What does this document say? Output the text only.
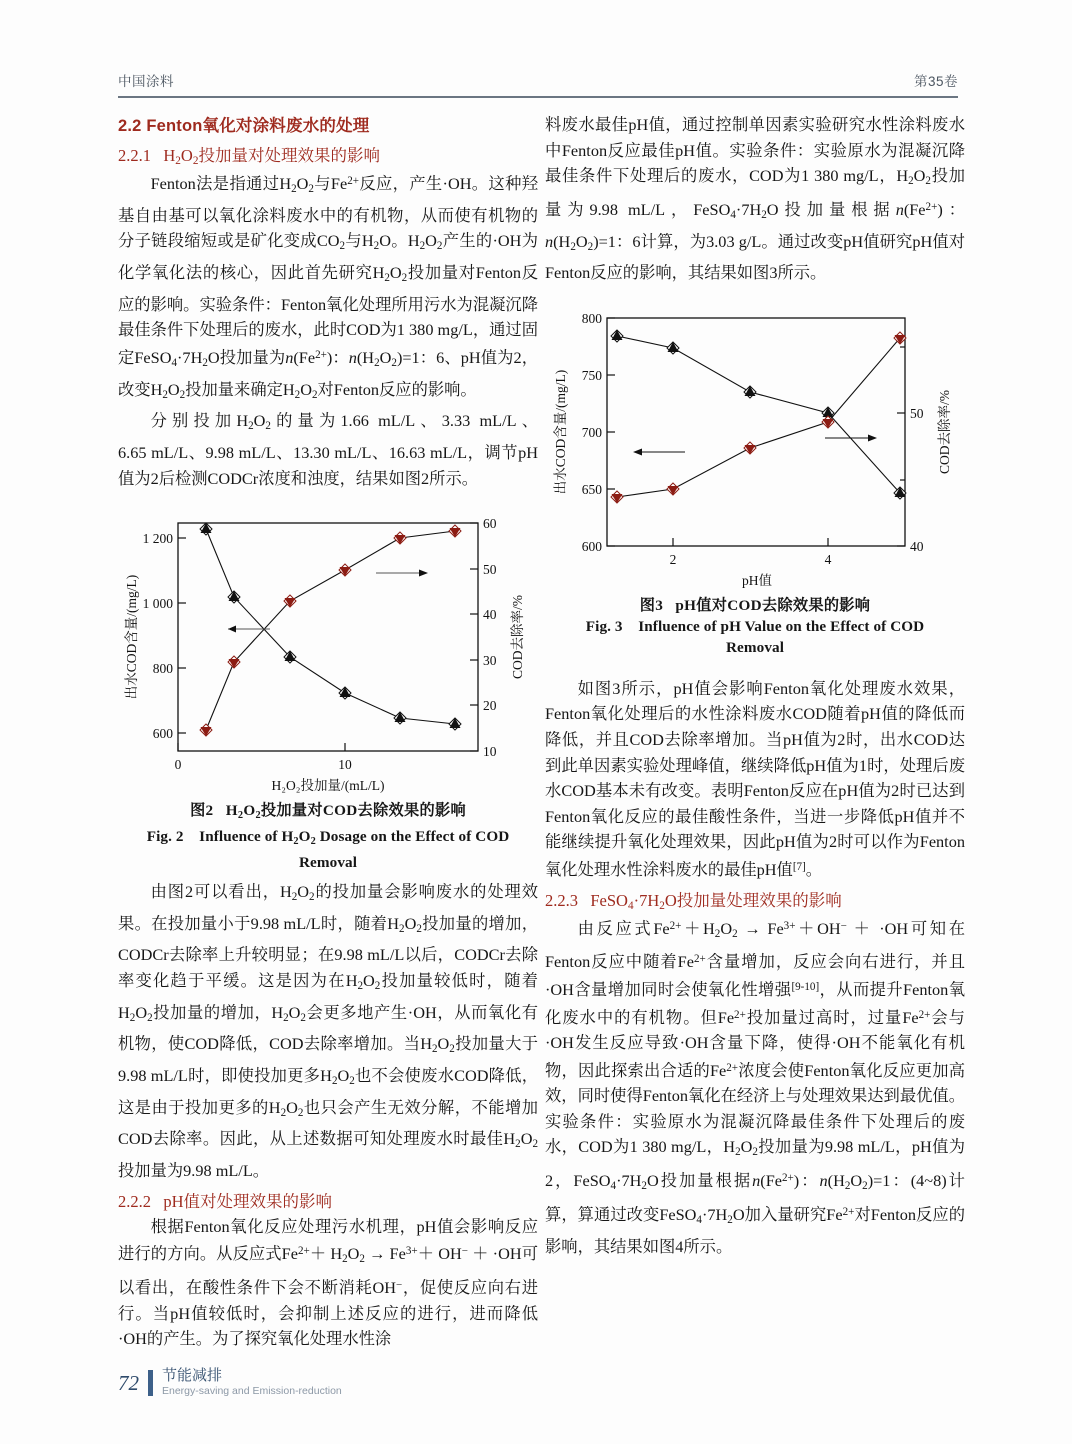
中国涂料	第35卷
2.2 Fenton氧化对涂料废水的处理
2.2.1   $H_2O_2$投加量对处理效果的影响

Fenton法是指通过$H_2O_2$与$Fe^{2+}$反应，产生·OH。这种羟基自由基可以氧化涂料废水中的有机物，从而使有机物的分子链段缩短或是矿化变成$CO_2$与$H_2O$。$H_2O_2$产生的·OH为化学氧化法的核心，因此首先研究$H_2O_2$投加量对Fenton反应的影响。实验条件：Fenton氧化处理所用污水为混凝沉降最佳条件下处理后的废水，此时COD为1 380 mg/L，通过固定$FeSO_4\cdot 7H_2O$投加量为$n(Fe^{2+})$：$n(H_2O_2)=1$：6、pH值为2，改变$H_2O_2$投加量来确定$H_2O_2$对Fenton反应的影响。

分别投加$H_2O_2$的量为1.66 mL/L、3.33 mL/L、6.65 mL/L、9.98 mL/L、13.30 mL/L、16.63 mL/L，调节pH值为2后检测CODCr浓度和浊度，结果如图2所示。

600
800
1 000
1 200
10
20
30
40
50
60
0	10
出水COD含量/(mg/L)	COD去除率/%
H₂O₂投加量/(mL/L)
图2   $H_2O_2$投加量对COD去除效果的影响
Fig. 2    Influence of $H_2O_2$ Dosage on the Effect of COD
Removal

由图2可以看出，$H_2O_2$的投加量会影响废水的处理效果。在投加量小于9.98 mL/L时，随着$H_2O_2$投加量的增加，CODCr去除率上升较明显；在9.98 mL/L以后，CODCr去除率变化趋于平缓。这是因为在$H_2O_2$投加量较低时，随着$H_2O_2$投加量的增加，$H_2O_2$会更多地产生·OH，从而氧化有机物，使COD降低，COD去除率增加。当$H_2O_2$投加量大于9.98 mL/L时，即使投加更多$H_2O_2$也不会使废水COD降低，这是由于投加更多的$H_2O_2$也只会产生无效分解，不能增加COD去除率。因此，从上述数据可知处理废水时最佳$H_2O_2$投加量为9.98 mL/L。

2.2.2 pH值对处理效果的影响

根据Fenton氧化反应处理污水机理，pH值会影响反应进行的方向。从反应式$Fe^{2+}+ H_2O_2 \to Fe^{3+}+ OH^- + \cdot OH$可以看出，在酸性条件下会不断消耗OH−，促使反应向右进行。当pH值较低时，会抑制上述反应的进行，进而降低·OH的产生。为了探究氧化处理水性涂

料废水最佳pH值，通过控制单因素实验研究水性涂料废水中Fenton反应最佳pH值。实验条件：实验原水为混凝沉降最佳条件下处理后的废水，COD为1 380 mg/L，$H_2O_2$投加量为9.98 mL/L，$FeSO_4\cdot 7H_2O$投加量根据$n(Fe^{2+})$：$n(H_2O_2)=1$：6计算，为3.03 g/L。通过改变pH值研究pH值对Fenton反应的影响，其结果如图3所示。

600
650
700
750
800
40
50
2	4
出水COD含量/(mg/L)	COD去除率/%
pH值
图3 pH值对COD去除效果的影响
Fig. 3 Influence of pH Value on the Effect of COD
Removal

如图3所示，pH值会影响Fenton氧化处理废水效果，Fenton氧化处理后的水性涂料废水COD随着pH值的降低而降低，并且COD去除率增加。当pH值为2时，出水COD达到此单因素实验处理峰值，继续降低pH值为1时，处理后废水COD基本未有改变。表明Fenton反应在pH值为2时已达到Fenton氧化反应的最佳酸性条件，当进一步降低pH值并不能继续提升氧化处理效果，因此pH值为2时可以作为Fenton氧化处理水性涂料废水的最佳pH值[7]。

2.2.3   $FeSO_4\cdot 7H_2O$投加量处理效果的影响

由反应式$Fe^{2+}+H_2O_2 \to Fe^{3+}+OH^- + \cdot OH$可知在Fenton反应中随着$Fe^{2+}$含量增加，反应会向右进行，并且·OH含量增加同时会使氧化性增强[9-10]，从而提升Fenton氧化废水中的有机物。但$Fe^{2+}$投加量过高时，过量$Fe^{2+}$会与·OH发生反应导致·OH含量下降，使得·OH不能氧化有机物，因此探索出合适的$Fe^{2+}$浓度会使Fenton氧化反应更加高效，同时使得Fenton氧化在经济上与处理效果达到最优值。实验条件：实验原水为混凝沉降最佳条件下处理后的废水，COD为1 380 mg/L，$H_2O_2$投加量为9.98 mL/L，pH值为2，$FeSO_4\cdot 7H_2O$投加量根据$n(Fe^{2+})$：$n(H_2O_2)=1$：(4~8)计算，算通过改变$FeSO_4\cdot 7H_2O$加入量研究$Fe^{2+}$对Fenton反应的影响，其结果如图4所示。

72 节能减排
Energy-saving and Emission-reduction
